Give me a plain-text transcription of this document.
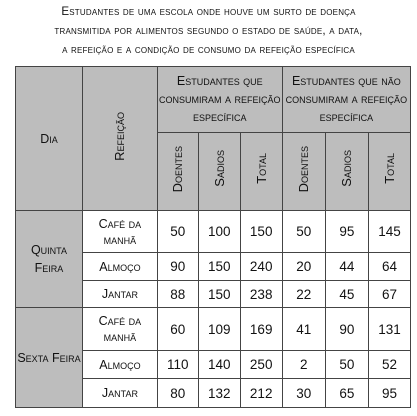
Estudantes de uma escola onde houve um surto de doença
transmitida por alimentos segundo o estado de saúde, a data,
a refeição e a condição de consumo da refeição específica
Dia	Refeição	Estudantes que consumiram a refeição específica			Estudantes que não consumiram a refeição específica		
		Doentes	Sadios	Total	Doentes	Sadios	Total
Quinta Feira	Café da manhã	50	100	150	50	95	145
	Almoço	90	150	240	20	44	64
	Jantar	88	150	238	22	45	67
Sexta Feira	Café da manhã	60	109	169	41	90	131
	Almoço	110	140	250	2	50	52
	Jantar	80	132	212	30	65	95
